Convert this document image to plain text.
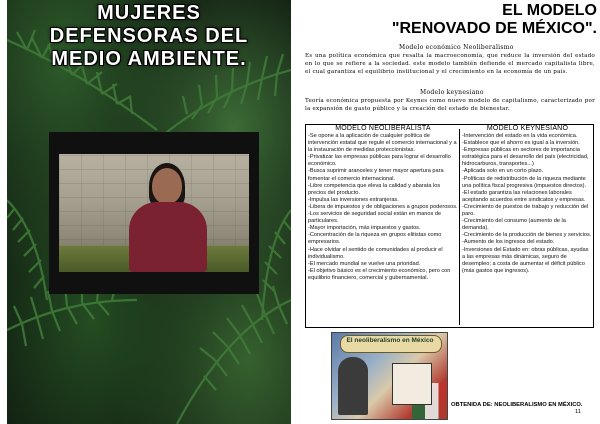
MUJERES
DEFENSORAS DEL
MEDIO AMBIENTE.
EL MODELO
"RENOVADO DE MÉXICO".
Modelo económico Neoliberalismo
Es una política económica que resalta la macroeconomía, que reduce la inversión del estado en lo que se refiere a la sociedad. este modelo también defiende el mercado capitalista libre, el cual garantiza el equilibrio institucional y el crecimiento en la economía de un país.
Modelo keynesiano
Teoría económica propuesta por Keynes como nuevo modelo de capitalismo, caracterizado por la expansión de gasto público y la creación del estado de bienestar.
MODELO NEOLIBERALISTA
-Se opone a la aplicación de cualquier política de intervención estatal que regule el comercio internacional y a la instauración de medidas proteccionistas.
-Privatizar las empresas públicas para lograr el desarrollo económico.
-Busca suprimir aranceles y tener mayor apertura para fomentar el comercio internacional.
-Libre competencia que eleva la calidad y abarata los precios del producto.
-Impulsa las inversiones extranjeras.
-Libera de impuestos y de obligaciones a grupos poderosos.
-Los servicios de seguridad social están en manos de particulares.
-Mayor importación, más impuestos y gastos.
-Concentración de la riqueza en grupos elitistas como empresarios.
-Hace olvidar el sentido de comunidades al producir el individualismo.
-El mercado mundial se vuelve una prioridad.
-El objetivo básico es el crecimiento económico, pero con equilibrio financiero, comercial y gubernamental.
MODELO KEYNESIANO
-Intervención del estado en la vida económica.
-Establece que el ahorro es igual a la inversión.
-Empresas públicas en sectores de importancia estratégica para el desarrollo del país (electricidad, hidrocarburos, transportes...)
-Aplicada solo en un corto plazo.
-Políticas de redistribución de la riqueza mediante una política fiscal progresiva (impuestos directos).
-El estado garantiza las relaciones laborales aceptando acuerdos entre sindicatos y empresas.
-Crecimiento de puestos de trabajo y reducción del paro.
-Crecimiento del consumo (aumento de la demanda).
-Crecimiento de la producción de bienes y servicios.
-Aumento de los ingresos del estado.
-Inversiones del Estado en: obras públicas, ayudas a las empresas más dinámicas, seguro de desempleo; a costa de aumentar el déficit público (más gastos que ingresos).
El neoliberalismo en México
OBTENIDA DE: NEOLIBERALISMO EN MÉXICO.
11
